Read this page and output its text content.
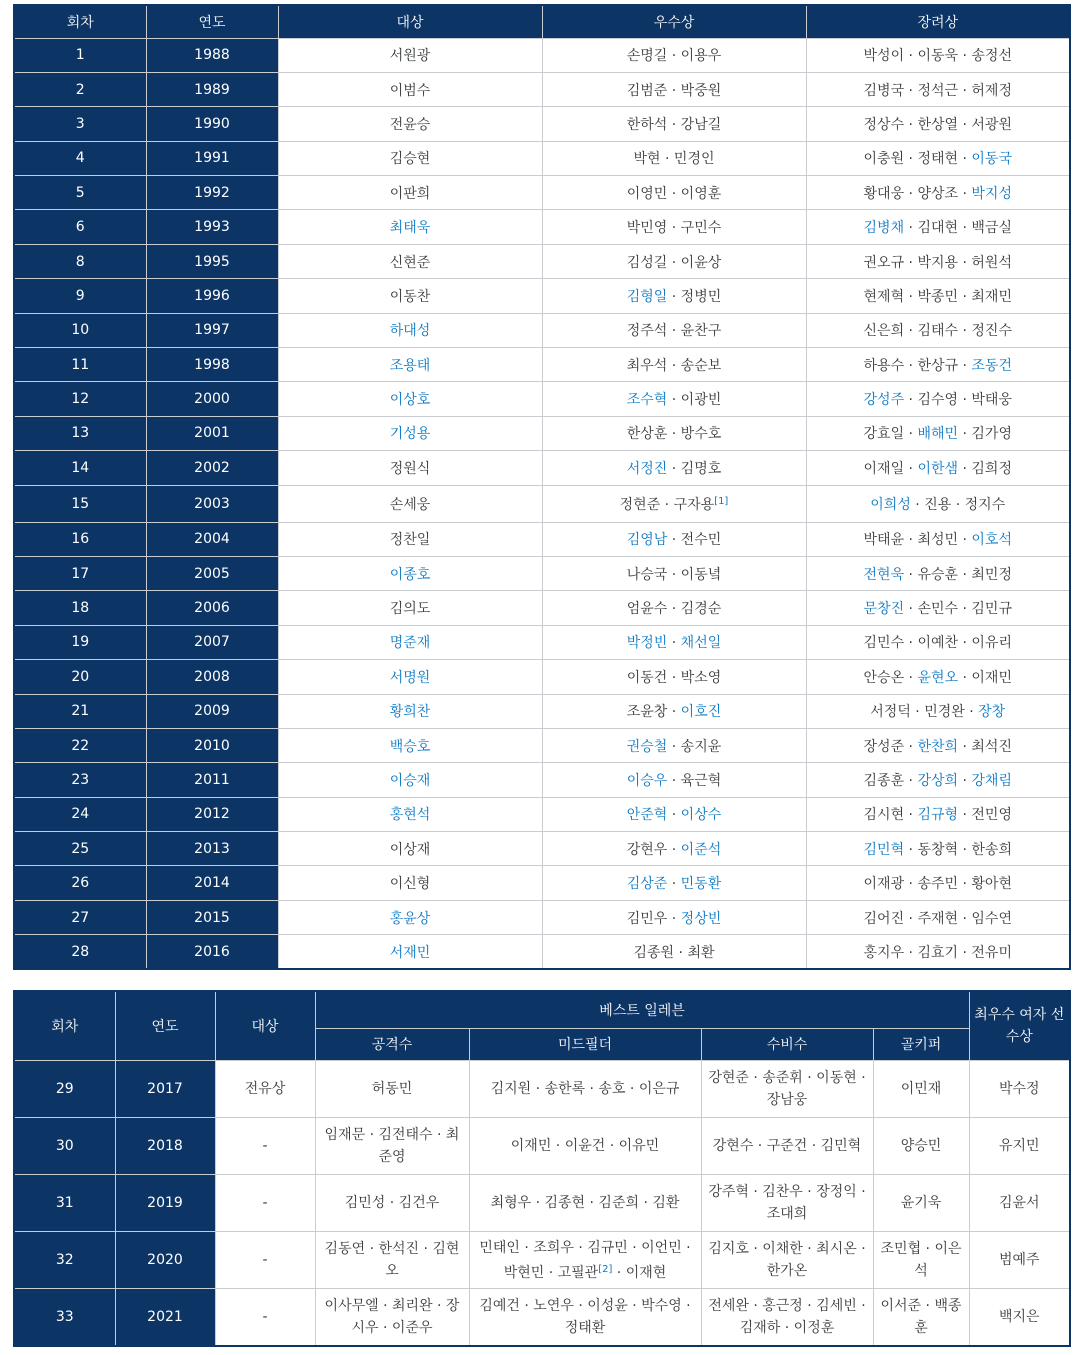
회차	연도	대상	우수상	장려상
1	1988	서원광	손명길 · 이용우	박성이 · 이동욱 · 송정선
2	1989	이범수	김범준 · 박중원	김병국 · 정석근 · 허제정
3	1990	전윤승	한하석 · 강남길	정상수 · 한상열 · 서광원
4	1991	김승현	박현 · 민경인	이충원 · 정태현 · 이동국
5	1992	이판희	이영민 · 이영훈	황대웅 · 양상조 · 박지성
6	1993	최태욱	박민영 · 구민수	김병채 · 김대현 · 백금실
8	1995	신현준	김성길 · 이윤상	권오규 · 박지용 · 허원석
9	1996	이동찬	김형일 · 정병민	현제혁 · 박종민 · 최재민
10	1997	하대성	정주석 · 윤찬구	신은희 · 김태수 · 정진수
11	1998	조용태	최우석 · 송순보	하용수 · 한상규 · 조동건
12	2000	이상호	조수혁 · 이광빈	강성주 · 김수영 · 박태웅
13	2001	기성용	한상훈 · 방수호	강효일 · 배해민 · 김가영
14	2002	정원식	서정진 · 김명호	이재일 · 이한샘 · 김희정
15	2003	손세웅	정현준 · 구자용[1]	이희성 · 진용 · 정지수
16	2004	정찬일	김영남 · 전수민	박태윤 · 최성민 · 이호석
17	2005	이종호	나승국 · 이동녘	전현욱 · 유승훈 · 최민정
18	2006	김의도	엄윤수 · 김경순	문창진 · 손민수 · 김민규
19	2007	명준재	박정빈 · 채선일	김민수 · 이예찬 · 이유리
20	2008	서명원	이동건 · 박소영	안승온 · 윤현오 · 이재민
21	2009	황희찬	조윤창 · 이호진	서정덕 · 민경완 · 장창
22	2010	백승호	권승철 · 송지윤	장성준 · 한찬희 · 최석진
23	2011	이승재	이승우 · 육근혁	김종훈 · 강상희 · 강채림
24	2012	홍현석	안준혁 · 이상수	김시현 · 김규형 · 전민영
25	2013	이상재	강현우 · 이준석	김민혁 · 동창혁 · 한송희
26	2014	이신형	김상준 · 민동환	이재광 · 송주민 · 황아현
27	2015	홍윤상	김민우 · 정상빈	김어진 · 주재현 · 임수연
28	2016	서재민	김종원 · 최환	홍지우 · 김효기 · 전유미
회차	연도	대상	베스트 일레븐				최우수 여자 선수상
			공격수	미드필더	수비수	골키퍼	
29	2017	전유상	허동민	김지원 · 송한록 · 송호 · 이은규	강현준 · 송준휘 · 이동현 · 장남웅	이민재	박수정
30	2018	-	임재문 · 김전태수 · 최준영	이재민 · 이윤건 · 이유민	강현수 · 구준건 · 김민혁	양승민	유지민
31	2019	-	김민성 · 김건우	최형우 · 김종현 · 김준희 · 김환	강주혁 · 김찬우 · 장정익 · 조대희	윤기욱	김윤서
32	2020	-	김동연 · 한석진 · 김현오	민태인 · 조희우 · 김규민 · 이언민 · 박현민 · 고필관[2] · 이재현	김지호 · 이채한 · 최시온 · 한가온	조민협 · 이은석	범예주
33	2021	-	이사무엘 · 최리완 · 장시우 · 이준우	김예건 · 노연우 · 이성윤 · 박수영 · 정태환	전세완 · 홍근정 · 김세빈 · 김재하 · 이정훈	이서준 · 백종훈	백지은
